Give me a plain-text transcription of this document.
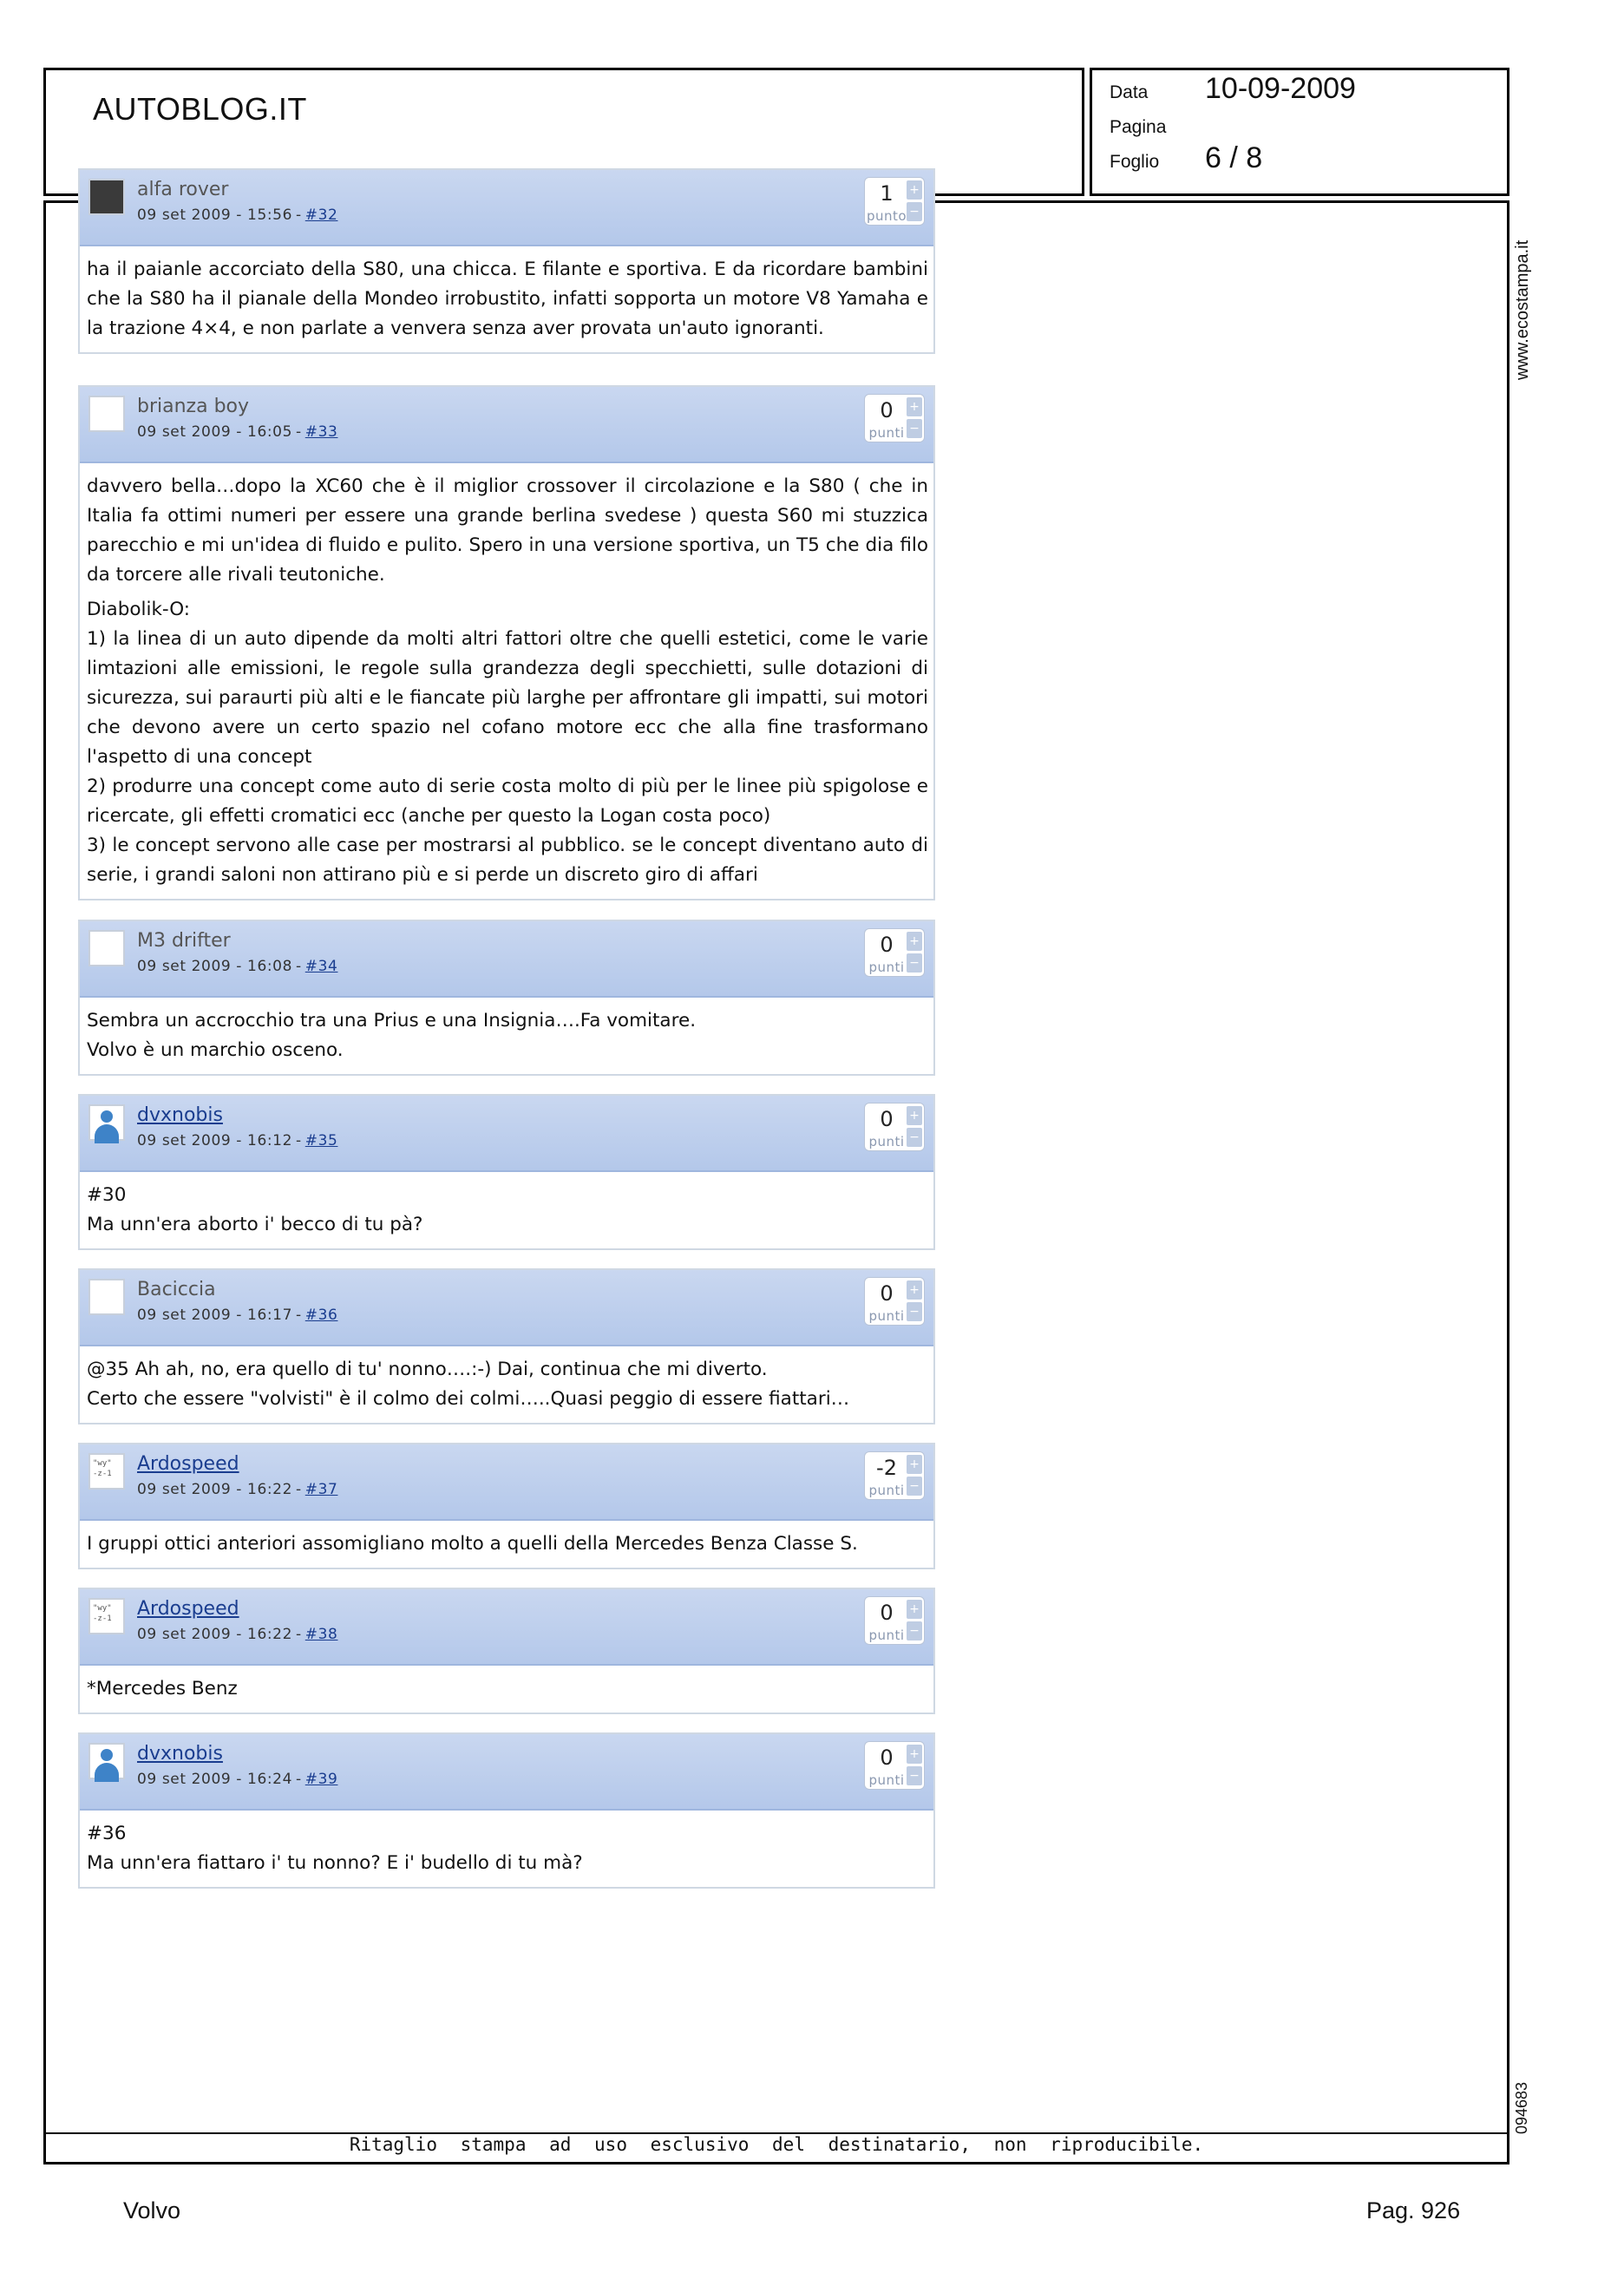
AUTOBLOG.IT	Data 10-09-2009
Pagina
Foglio 6 / 8
www.ecostampa.it
094683
alfa rover
09 set 2009 - 15:56 - #32
1
punto
+
−

ha il paianle accorciato della S80, una chicca. E filante e sportiva. E da ricordare bambini che la S80 ha il pianale della Mondeo irrobustito, infatti sopporta un motore V8 Yamaha e la trazione 4×4, e non parlate a venvera senza aver provata un'auto ignoranti.

brianza boy
09 set 2009 - 16:05 - #33
0
punti
+
−

davvero bella…dopo la XC60 che è il miglior crossover il circolazione e la S80 ( che in Italia fa ottimi numeri per essere una grande berlina svedese ) questa S60 mi stuzzica parecchio e mi un'idea di fluido e pulito. Spero in una versione sportiva, un T5 che dia filo da torcere alle rivali teutoniche.

Diabolik-O:
1) la linea di un auto dipende da molti altri fattori oltre che quelli estetici, come le varie limtazioni alle emissioni, le regole sulla grandezza degli specchietti, sulle dotazioni di sicurezza, sui paraurti più alti e le fiancate più larghe per affrontare gli impatti, sui motori che devono avere un certo spazio nel cofano motore ecc che alla fine trasformano l'aspetto di una concept
2) produrre una concept come auto di serie costa molto di più per le linee più spigolose e ricercate, gli effetti cromatici ecc (anche per questo la Logan costa poco)
3) le concept servono alle case per mostrarsi al pubblico. se le concept diventano auto di serie, i grandi saloni non attirano più e si perde un discreto giro di affari

M3 drifter
09 set 2009 - 16:08 - #34
0
punti
+
−

Sembra un accrocchio tra una Prius e una Insignia….Fa vomitare.
Volvo è un marchio osceno.

dvxnobis
09 set 2009 - 16:12 - #35
0
punti
+
−

#30
Ma unn'era aborto i' becco di tu pà?

Baciccia
09 set 2009 - 16:17 - #36
0
punti
+
−

@35 Ah ah, no, era quello di tu' nonno….:-) Dai, continua che mi diverto.
Certo che essere "volvisti" è il colmo dei colmi…..Quasi peggio di essere fiattari…

"wy" -z-1
Ardospeed
09 set 2009 - 16:22 - #37
-2
punti
+
−

I gruppi ottici anteriori assomigliano molto a quelli della Mercedes Benza Classe S.

"wy" -z-1
Ardospeed
09 set 2009 - 16:22 - #38
0
punti
+
−

*Mercedes Benz

dvxnobis
09 set 2009 - 16:24 - #39
0
punti
+
−

#36
Ma unn'era fiattaro i' tu nonno? E i' budello di tu mà?

Ritaglio stampa ad uso esclusivo del destinatario, non riproducibile.
Volvo	Pag. 926
